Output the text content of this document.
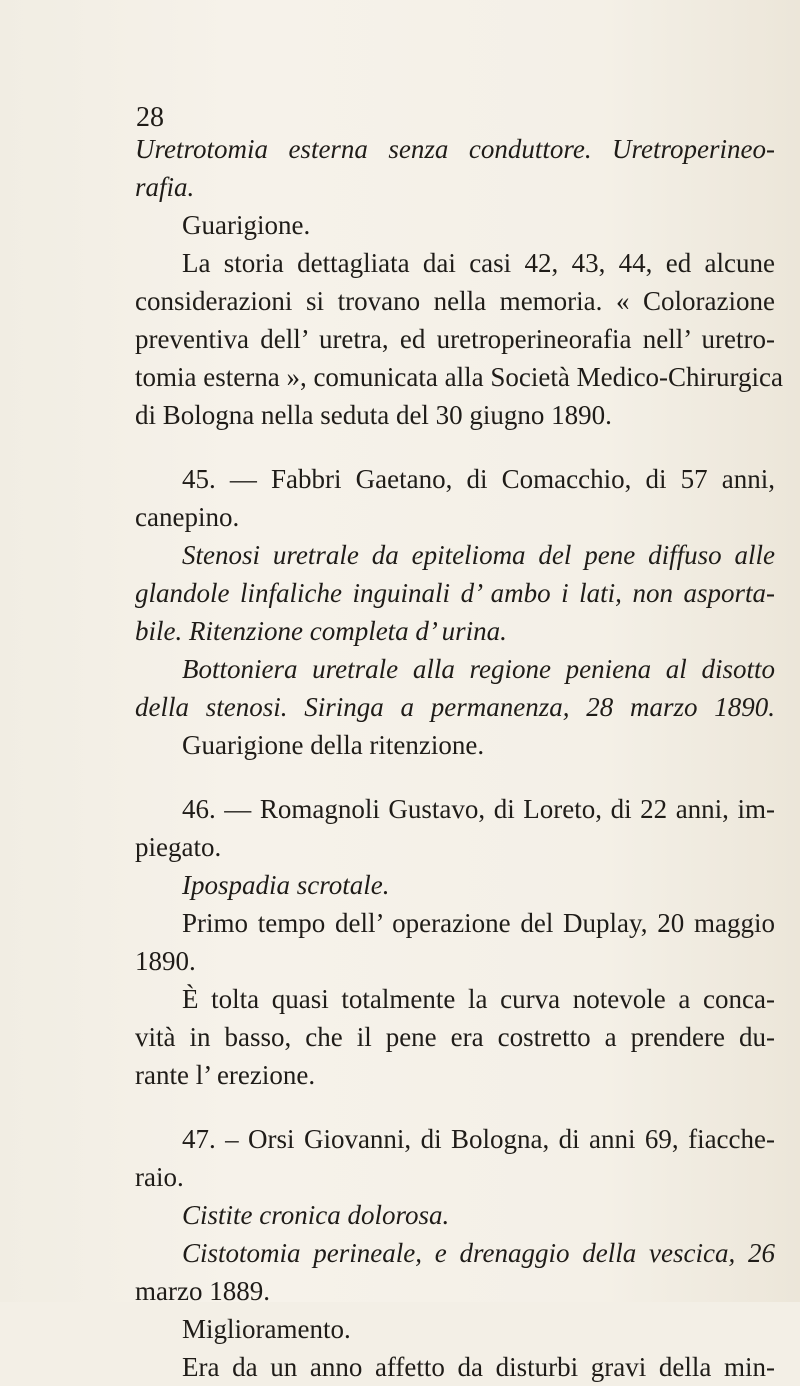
28
Uretrotomia esterna senza conduttore. Uretroperineo-
rafia.
Guarigione.
La storia dettagliata dai casi 42, 43, 44, ed alcune
considerazioni si trovano nella memoria. « Colorazione
preventiva dell’ uretra, ed uretroperineorafia nell’ uretro-
tomia esterna », comunicata alla Società Medico-Chirurgica
di Bologna nella seduta del 30 giugno 1890.
45. — Fabbri Gaetano, di Comacchio, di 57 anni,
canepino.
Stenosi uretrale da epitelioma del pene diffuso alle
glandole linfaliche inguinali d’ ambo i lati, non asporta-
bile. Ritenzione completa d’ urina.
Bottoniera uretrale alla regione peniena al disotto
della stenosi. Siringa a permanenza, 28 marzo 1890.
Guarigione della ritenzione.
46. — Romagnoli Gustavo, di Loreto, di 22 anni, im-
piegato.
Ipospadia scrotale.
Primo tempo dell’ operazione del Duplay, 20 maggio
1890.
È tolta quasi totalmente la curva notevole a conca-
vità in basso, che il pene era costretto a prendere du-
rante l’ erezione.
47. – Orsi Giovanni, di Bologna, di anni 69, fiacche-
raio.
Cistite cronica dolorosa.
Cistotomia perineale, e drenaggio della vescica, 26
marzo 1889.
Miglioramento.
Era da un anno affetto da disturbi gravi della min-
